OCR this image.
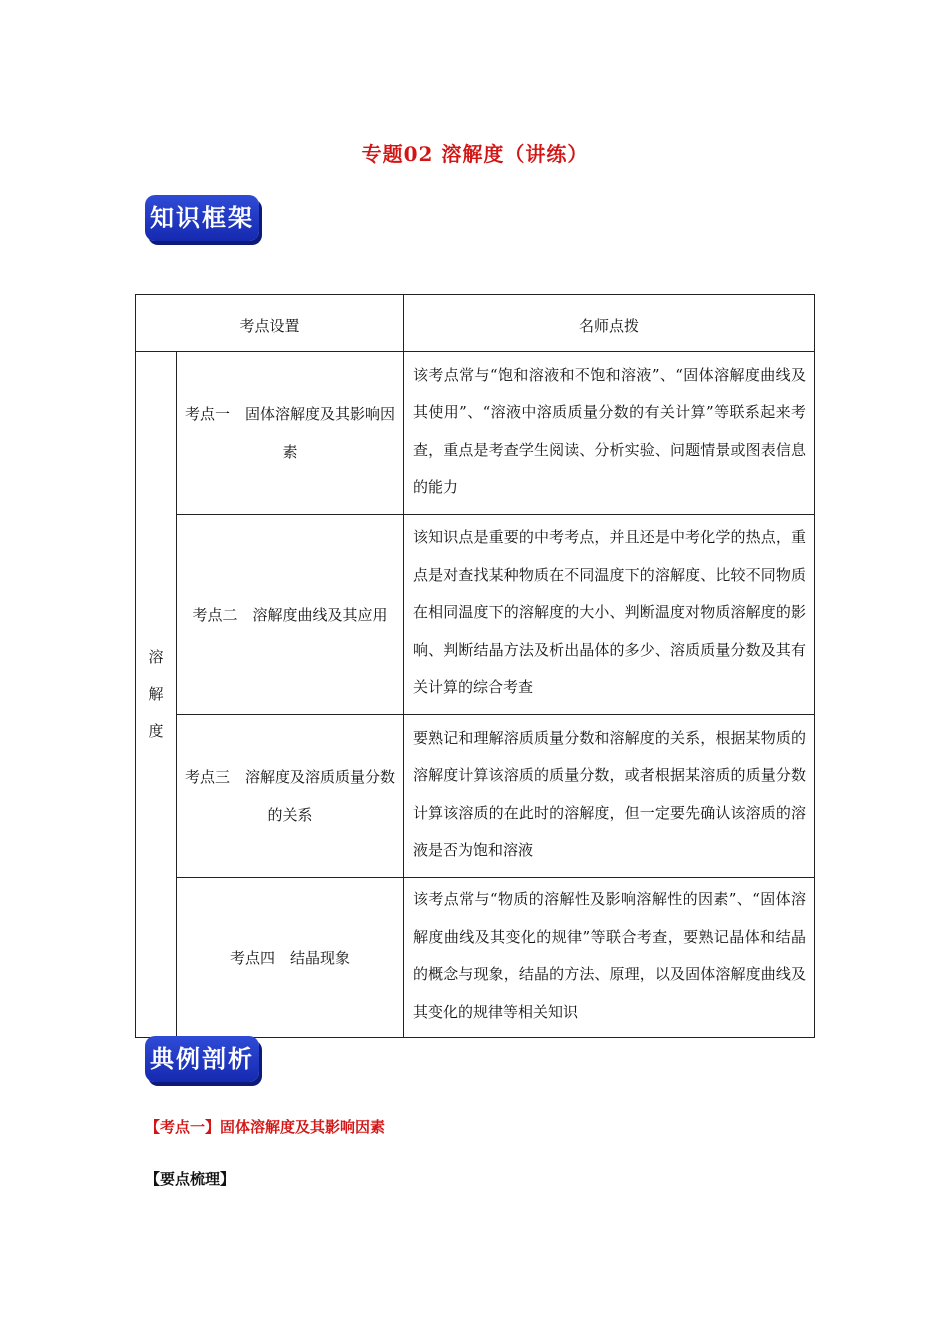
专题02 溶解度（讲练）
知识框架
考点设置		名师点拨

溶
解
度	考点一　固体溶解度及其影响因素	该考点常与“饱和溶液和不饱和溶液”、“固体溶解度曲线及其使用”、“溶液中溶质质量分数的有关计算”等联系起来考查，重点是考查学生阅读、分析实验、问题情景或图表信息的能力
	考点二　溶解度曲线及其应用	该知识点是重要的中考考点，并且还是中考化学的热点，重点是对查找某种物质在不同温度下的溶解度、比较不同物质在相同温度下的溶解度的大小、判断温度对物质溶解度的影响、判断结晶方法及析出晶体的多少、溶质质量分数及其有关计算的综合考查
	考点三　溶解度及溶质质量分数的关系	要熟记和理解溶质质量分数和溶解度的关系，根据某物质的溶解度计算该溶质的质量分数，或者根据某溶质的质量分数计算该溶质的在此时的溶解度，但一定要先确认该溶质的溶液是否为饱和溶液
	考点四　结晶现象	该考点常与“物质的溶解性及影响溶解性的因素”、“固体溶解度曲线及其变化的规律”等联合考查，要熟记晶体和结晶的概念与现象，结晶的方法、原理，以及固体溶解度曲线及其变化的规律等相关知识
典例剖析
【考点一】固体溶解度及其影响因素
【要点梳理】
